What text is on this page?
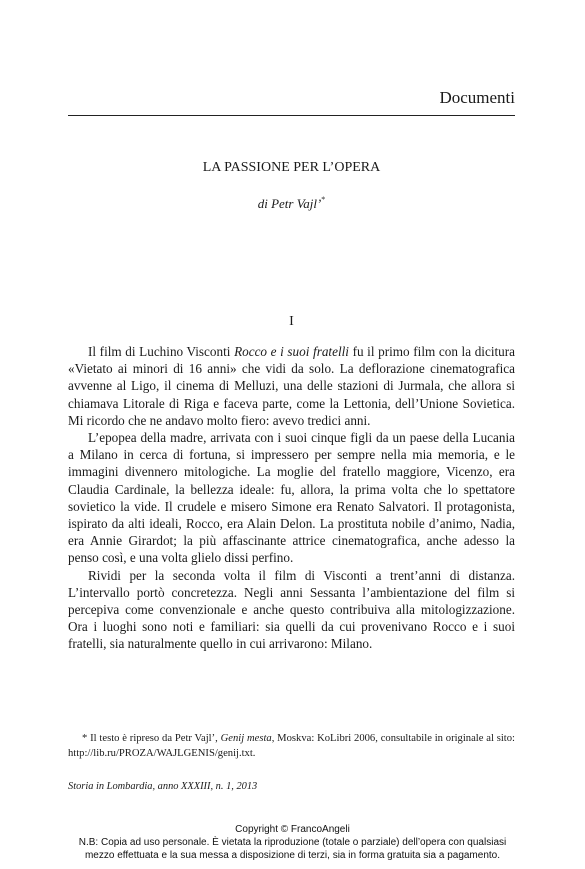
Documenti
LA PASSIONE PER L’OPERA
di Petr Vajl’*
I

Il film di Luchino Visconti Rocco e i suoi fratelli fu il primo film con la dicitura «Vietato ai minori di 16 anni» che vidi da solo. La deflorazione cinematografica avvenne al Ligo, il cinema di Melluzi, una delle stazioni di Jurmala, che allora si chiamava Litorale di Riga e faceva parte, come la Lettonia, dell’Unione Sovietica. Mi ricordo che ne andavo molto fiero: avevo tredici anni.

L’epopea della madre, arrivata con i suoi cinque figli da un paese della Lucania a Milano in cerca di fortuna, si impressero per sempre nella mia memoria, e le immagini divennero mitologiche. La moglie del fratello maggiore, Vicenzo, era Claudia Cardinale, la bellezza ideale: fu, allora, la prima volta che lo spettatore sovietico la vide. Il crudele e misero Simone era Renato Salvatori. Il protagonista, ispirato da alti ideali, Rocco, era Alain Delon. La prostituta nobile d’animo, Nadia, era Annie Girardot; la più affascinante attrice cinematografica, anche adesso la penso così, e una volta glielo dissi perfino.

Rividi per la seconda volta il film di Visconti a trent’anni di distanza. L’intervallo portò concretezza. Negli anni Sessanta l’ambientazione del film si percepiva come convenzionale e anche questo contribuiva alla mitologizzazione. Ora i luoghi sono noti e familiari: sia quelli da cui provenivano Rocco e i suoi fratelli, sia naturalmente quello in cui arrivarono: Milano.

* Il testo è ripreso da Petr Vajl’, Genij mesta, Moskva: KoLibri 2006, consultabile in originale al sito: http://lib.ru/PROZA/WAJLGENIS/genij.txt.
Storia in Lombardia, anno XXXIII, n. 1, 2013
Copyright © FrancoAngeli
N.B: Copia ad uso personale. È vietata la riproduzione (totale o parziale) dell’opera con qualsiasi
mezzo effettuata e la sua messa a disposizione di terzi, sia in forma gratuita sia a pagamento.
